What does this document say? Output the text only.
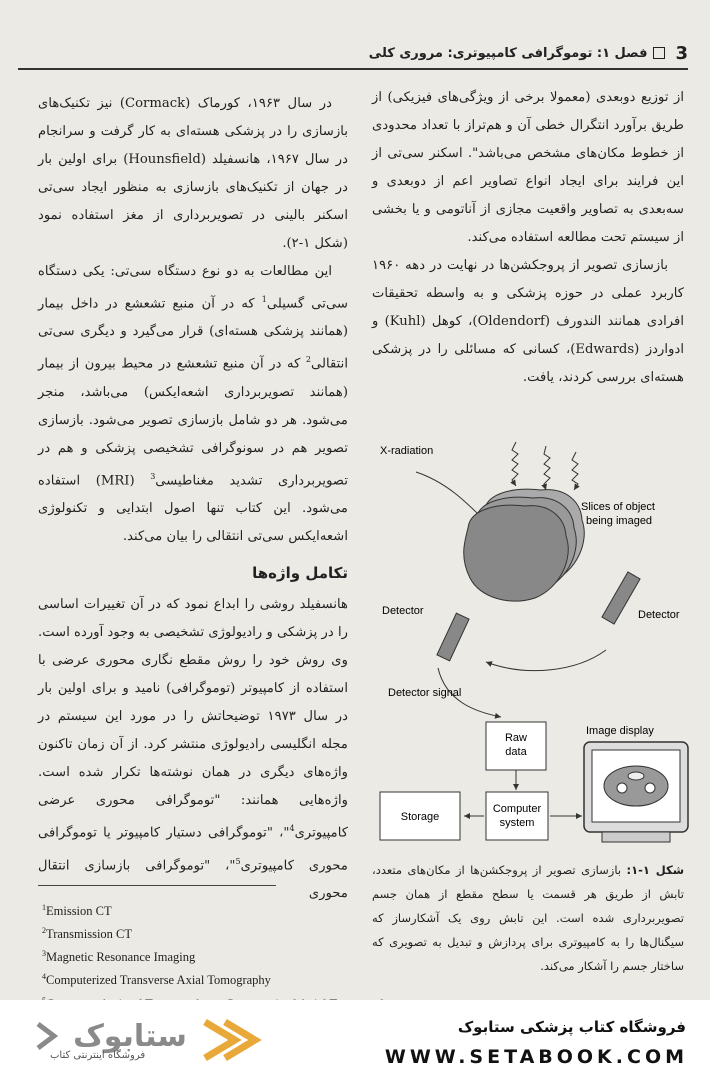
3
فصل ۱: توموگرافی کامپیوتری: مروری کلی

از توزیع دوبعدی (معمولا برخی از ویژگی‌های فیزیکی) از طریق برآورد انتگرال خطی آن و هم‌تراز با تعداد محدودی از خطوط مکان‌های مشخص می‌باشد". اسکنر سی‌تی از این فرایند برای ایجاد انواع تصاویر اعم از دوبعدی و سه‌بعدی به تصاویر واقعیت مجازی از آناتومی و یا بخشی از سیستم تحت مطالعه استفاده می‌کند.

بازسازی تصویر از پروجکشن‌ها در نهایت در دهه ۱۹۶۰ کاربرد عملی در حوزه پزشکی و به واسطه تحقیقات افرادی همانند الندورف (Oldendorf)، کوهل (Kuhl) و ادواردز (Edwards)، کسانی که مسائلی را در پزشکی هسته‌ای بررسی کردند، یافت.

در سال ۱۹۶۳، کورماک (Cormack) نیز تکنیک‌های بازسازی را در پزشکی هسته‌ای به کار گرفت و سرانجام در سال ۱۹۶۷، هانسفیلد (Hounsfield) برای اولین بار در جهان از تکنیک‌های بازسازی به منظور ایجاد سی‌تی اسکنر بالینی در تصویربرداری از مغز استفاده نمود (شکل ۱-۲).

این مطالعات به دو نوع دستگاه سی‌تی: یکی دستگاه سی‌تی گسیلی$^1$ که در آن منبع تشعشع در داخل بیمار (همانند پزشکی هسته‌ای) قرار می‌گیرد و دیگری سی‌تی انتقالی$^2$ که در آن منبع تشعشع در محیط بیرون از بیمار (همانند تصویربرداری اشعه‌ایکس) می‌باشد، منجر می‌شود. هر دو شامل بازسازی تصویر می‌شود. بازسازی تصویر هم در سونوگرافی تشخیصی پزشکی و هم در تصویربرداری تشدید مغناطیسی$^3$ (MRI) استفاده می‌شود. این کتاب تنها اصول ابتدایی و تکنولوژی اشعه‌ایکس سی‌تی انتقالی را بیان می‌کند.

تکامل واژه‌ها

هانسفیلد روشی را ابداع نمود که در آن تغییرات اساسی را در پزشکی و رادیولوژی تشخیصی به وجود آورده است. وی روش خود را روش مقطع نگاری محوری عرضی با استفاده از کامپیوتر (توموگرافی) نامید و برای اولین بار در سال ۱۹۷۳ توضیحاتش را در مورد این سیستم در مجله انگلیسی رادیولوژی منتشر کرد. از آن زمان تاکنون واژه‌های دیگری در همان نوشته‌ها تکرار شده است. واژه‌هایی همانند: "توموگرافی محوری عرضی کامپیوتری$^4$"، "توموگرافی دستیار کامپیوتر یا توموگرافی محوری کامپیوتری$^5$"، "توموگرافی بازسازی انتقال محوری

$^1$Emission CT
$^2$Transmission CT
$^3$Magnetic Resonance Imaging
$^4$Computerized Transverse Axial Tomography
X-radiation
Slices of object
being imaged
Detector	Detector
Detector signal
Raw
data
Computer
system
Storage
Image display
شکل ۱-۱: بازسازی تصویر از پروجکشن‌ها از مکان‌های متعدد، تابش از طریق هر قسمت یا سطح مقطع از همان جسم تصویربرداری شده است. این تابش روی یک آشکارساز که سیگنال‌ها را به کامپیوتری برای پردازش و تبدیل به تصویری که ساختار جسم را آشکار می‌کند.
ستابوک
فروشگاه اینترنتی کتاب
فروشگاه کتاب پزشکی ستابوک
WWW.SETABOOK.COM
